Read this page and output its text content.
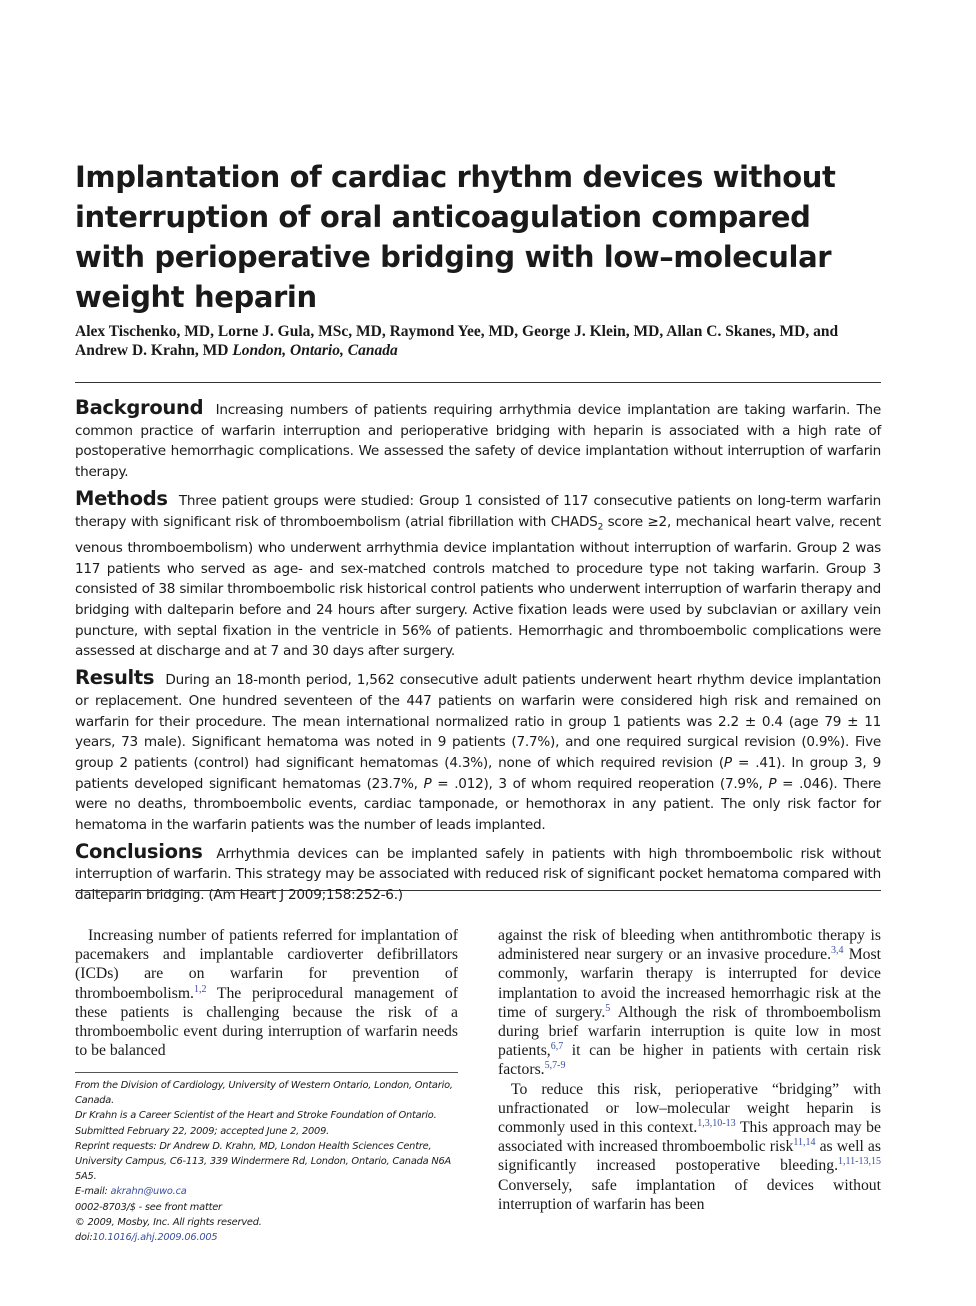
Implantation of cardiac rhythm devices without interruption of oral anticoagulation compared with perioperative bridging with low–molecular weight heparin
Alex Tischenko, MD, Lorne J. Gula, MSc, MD, Raymond Yee, MD, George J. Klein, MD, Allan C. Skanes, MD, and Andrew D. Krahn, MD London, Ontario, Canada

Background Increasing numbers of patients requiring arrhythmia device implantation are taking warfarin. The common practice of warfarin interruption and perioperative bridging with heparin is associated with a high rate of postoperative hemorrhagic complications. We assessed the safety of device implantation without interruption of warfarin therapy.

Methods Three patient groups were studied: Group 1 consisted of 117 consecutive patients on long-term warfarin therapy with significant risk of thromboembolism (atrial fibrillation with $CHADS_2$ score ≥2, mechanical heart valve, recent venous thromboembolism) who underwent arrhythmia device implantation without interruption of warfarin. Group 2 was 117 patients who served as age- and sex-matched controls matched to procedure type not taking warfarin. Group 3 consisted of 38 similar thromboembolic risk historical control patients who underwent interruption of warfarin therapy and bridging with dalteparin before and 24 hours after surgery. Active fixation leads were used by subclavian or axillary vein puncture, with septal fixation in the ventricle in 56% of patients. Hemorrhagic and thromboembolic complications were assessed at discharge and at 7 and 30 days after surgery.

Results During an 18-month period, 1,562 consecutive adult patients underwent heart rhythm device implantation or replacement. One hundred seventeen of the 447 patients on warfarin were considered high risk and remained on warfarin for their procedure. The mean international normalized ratio in group 1 patients was 2.2 ± 0.4 (age 79 ± 11 years, 73 male). Significant hematoma was noted in 9 patients (7.7%), and one required surgical revision (0.9%). Five group 2 patients (control) had significant hematomas (4.3%), none of which required revision (P = .41). In group 3, 9 patients developed significant hematomas (23.7%, P = .012), 3 of whom required reoperation (7.9%, P = .046). There were no deaths, thromboembolic events, cardiac tamponade, or hemothorax in any patient. The only risk factor for hematoma in the warfarin patients was the number of leads implanted.

Conclusions Arrhythmia devices can be implanted safely in patients with high thromboembolic risk without interruption of warfarin. This strategy may be associated with reduced risk of significant pocket hematoma compared with dalteparin bridging. (Am Heart J 2009;158:252-6.)

Increasing number of patients referred for implantation of pacemakers and implantable cardioverter defibrillators (ICDs) are on warfarin for prevention of thromboembolism.$^{1,2}$ The periprocedural management of these patients is challenging because the risk of a thromboembolic event during interruption of warfarin needs to be balanced

From the Division of Cardiology, University of Western Ontario, London, Ontario, Canada.

Dr Krahn is a Career Scientist of the Heart and Stroke Foundation of Ontario.

Submitted February 22, 2009; accepted June 2, 2009.

Reprint requests: Dr Andrew D. Krahn, MD, London Health Sciences Centre, University Campus, C6-113, 339 Windermere Rd, London, Ontario, Canada N6A 5A5.

E-mail: akrahn@uwo.ca

0002-8703/$ - see front matter

© 2009, Mosby, Inc. All rights reserved.

doi:10.1016/j.ahj.2009.06.005

against the risk of bleeding when antithrombotic therapy is administered near surgery or an invasive procedure.$^{3,4}$ Most commonly, warfarin therapy is interrupted for device implantation to avoid the increased hemorrhagic risk at the time of surgery.$^5$ Although the risk of thromboembolism during brief warfarin interruption is quite low in most patients,$^{6,7}$ it can be higher in patients with certain risk factors.$^{5,7-9}$

To reduce this risk, perioperative “bridging” with unfractionated or low–molecular weight heparin is commonly used in this context.$^{1,3,10-13}$ This approach may be associated with increased thromboembolic risk$^{11,14}$ as well as significantly increased postoperative bleeding.$^{1,11-13,15}$ Conversely, safe implantation of devices without interruption of warfarin has been
